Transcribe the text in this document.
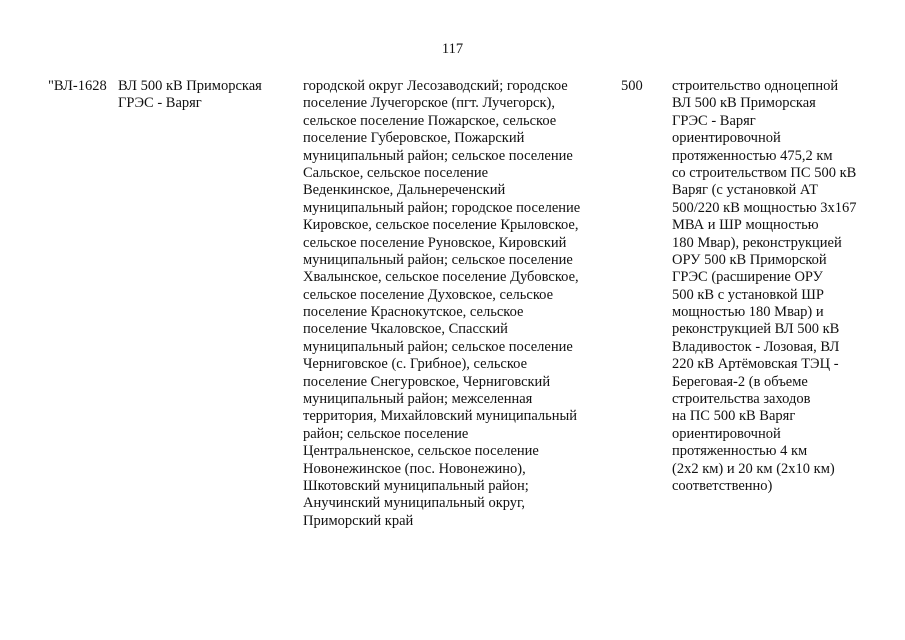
117
"ВЛ-1628 ВЛ 500 кВ Приморская
ГРЭС - Варяг
городской округ Лесозаводский; городское
поселение Лучегорское (пгт. Лучегорск),
сельское поселение Пожарское, сельское
поселение Губеровское, Пожарский
муниципальный район; сельское поселение
Сальское, сельское поселение
Веденкинское, Дальнереченский
муниципальный район; городское поселение
Кировское, сельское поселение Крыловское,
сельское поселение Руновское, Кировский
муниципальный район; сельское поселение
Хвалынское, сельское поселение Дубовское,
сельское поселение Духовское, сельское
поселение Краснокутское, сельское
поселение Чкаловское, Спасский
муниципальный район; сельское поселение
Черниговское (с. Грибное), сельское
поселение Снегуровское, Черниговский
муниципальный район; межселенная
территория, Михайловский муниципальный
район; сельское поселение
Центральненское, сельское поселение
Новонежинское (пос. Новонежино),
Шкотовский муниципальный район;
Анучинский муниципальный округ,
Приморский край
500 строительство одноцепной
ВЛ 500 кВ Приморская
ГРЭС - Варяг
ориентировочной
протяженностью 475,2 км
со строительством ПС 500 кВ
Варяг (с установкой АТ
500/220 кВ мощностью 3х167
МВА и ШР мощностью
180 Мвар), реконструкцией
ОРУ 500 кВ Приморской
ГРЭС (расширение ОРУ
500 кВ с установкой ШР
мощностью 180 Мвар) и
реконструкцией ВЛ 500 кВ
Владивосток - Лозовая, ВЛ
220 кВ Артёмовская ТЭЦ -
Береговая-2 (в объеме
строительства заходов
на ПС 500 кВ Варяг
ориентировочной
протяженностью 4 км
(2х2 км) и 20 км (2х10 км)
соответственно)
